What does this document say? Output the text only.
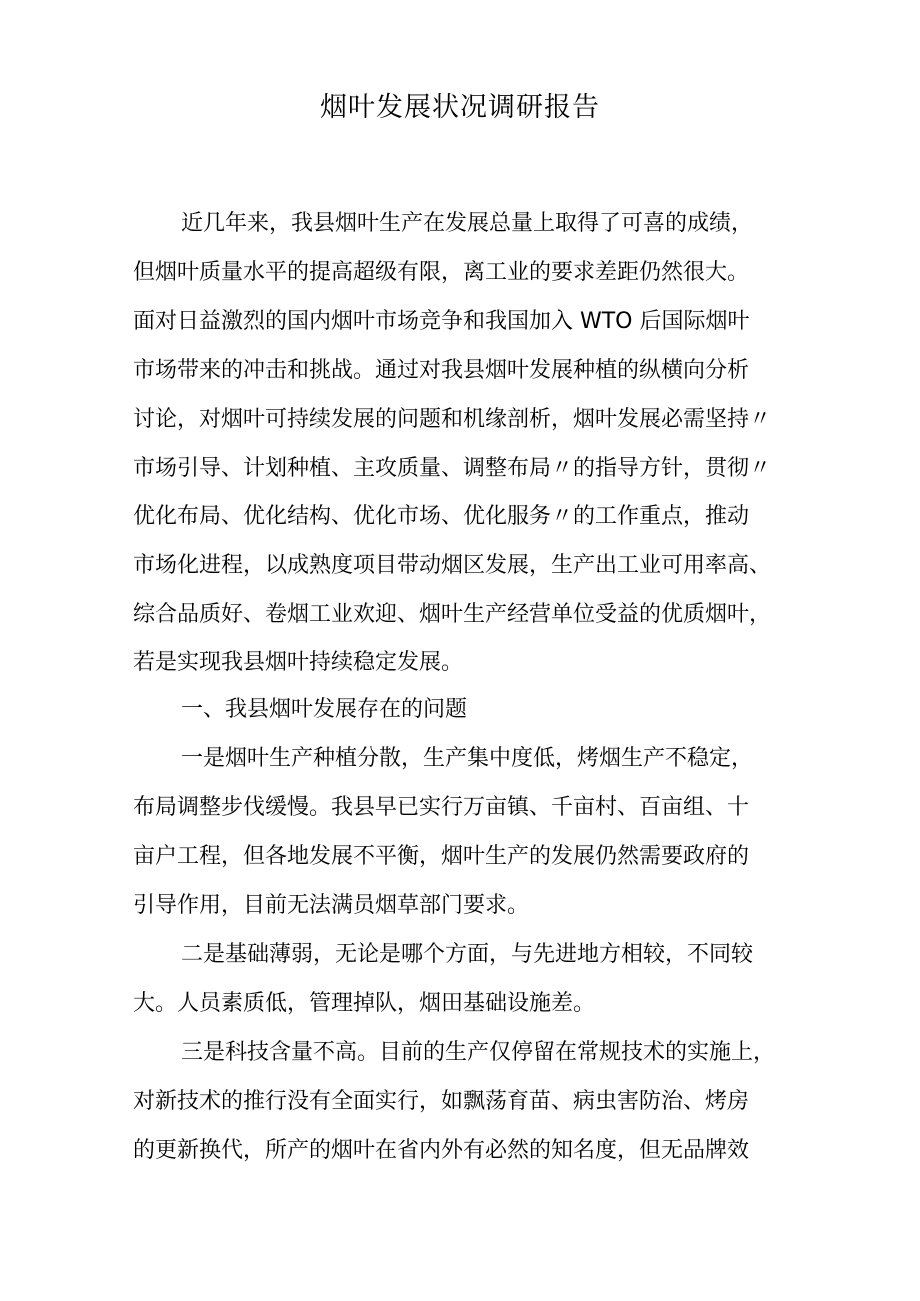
烟叶发展状况调研报告
近几年来，我县烟叶生产在发展总量上取得了可喜的成绩，
但烟叶质量水平的提高超级有限，离工业的要求差距仍然很大。
面对日益激烈的国内烟叶市场竞争和我国加入 WTO 后国际烟叶
市场带来的冲击和挑战。通过对我县烟叶发展种植的纵横向分析
讨论，对烟叶可持续发展的问题和机缘剖析，烟叶发展必需坚持〃
市场引导、计划种植、主攻质量、调整布局〃的指导方针，贯彻〃
优化布局、优化结构、优化市场、优化服务〃的工作重点，推动
市场化进程，以成熟度项目带动烟区发展，生产出工业可用率高、
综合品质好、卷烟工业欢迎、烟叶生产经营单位受益的优质烟叶，
若是实现我县烟叶持续稳定发展。
一、我县烟叶发展存在的问题
一是烟叶生产种植分散，生产集中度低，烤烟生产不稳定，
布局调整步伐缓慢。我县早已实行万亩镇、千亩村、百亩组、十
亩户工程，但各地发展不平衡，烟叶生产的发展仍然需要政府的
引导作用，目前无法满员烟草部门要求。
二是基础薄弱，无论是哪个方面，与先进地方相较，不同较
大。人员素质低，管理掉队，烟田基础设施差。
三是科技含量不高。目前的生产仅停留在常规技术的实施上，
对新技术的推行没有全面实行，如飘荡育苗、病虫害防治、烤房
的更新换代，所产的烟叶在省内外有必然的知名度，但无品牌效
